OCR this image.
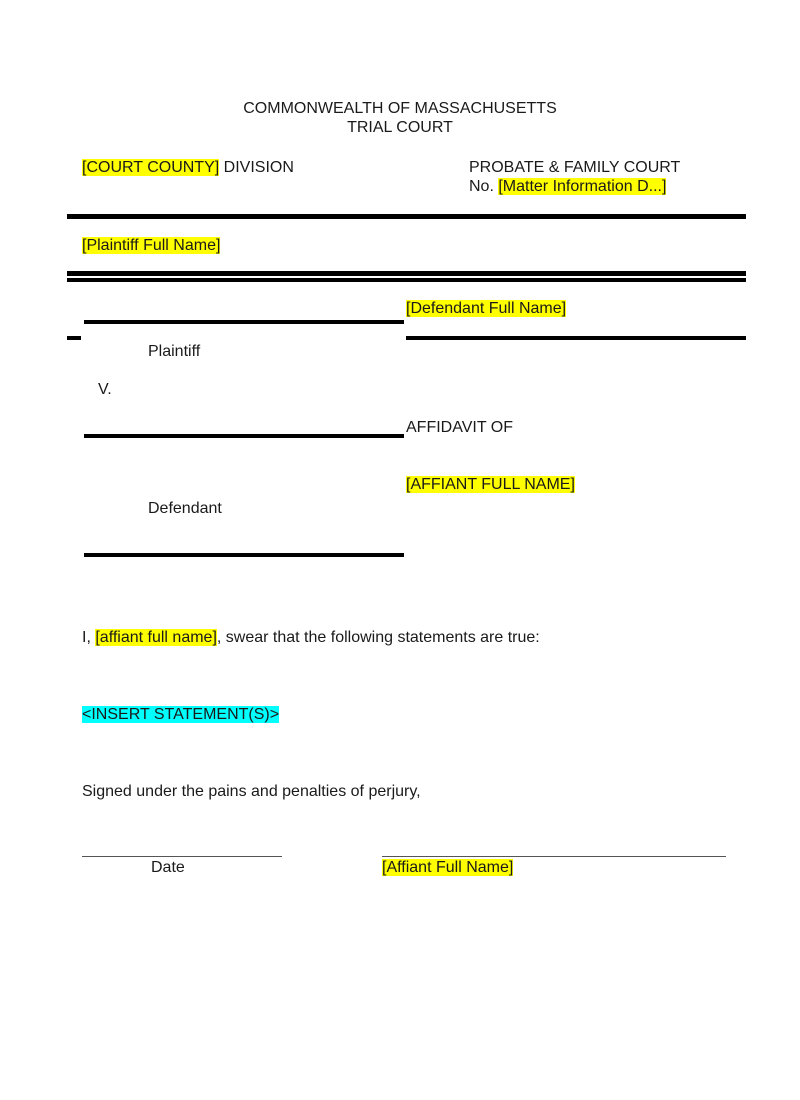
COMMONWEALTH OF MASSACHUSETTS
TRIAL COURT
[COURT COUNTY] DIVISION	PROBATE & FAMILY COURT
No. [Matter Information D...]
[Plaintiff Full Name]
[Defendant Full Name]
Plaintiff
V.
AFFIDAVIT OF
[AFFIANT FULL NAME]
Defendant
I, [affiant full name], swear that the following statements are true:
<INSERT STATEMENT(S)>
Signed under the pains and penalties of perjury,
Date	[Affiant Full Name]
